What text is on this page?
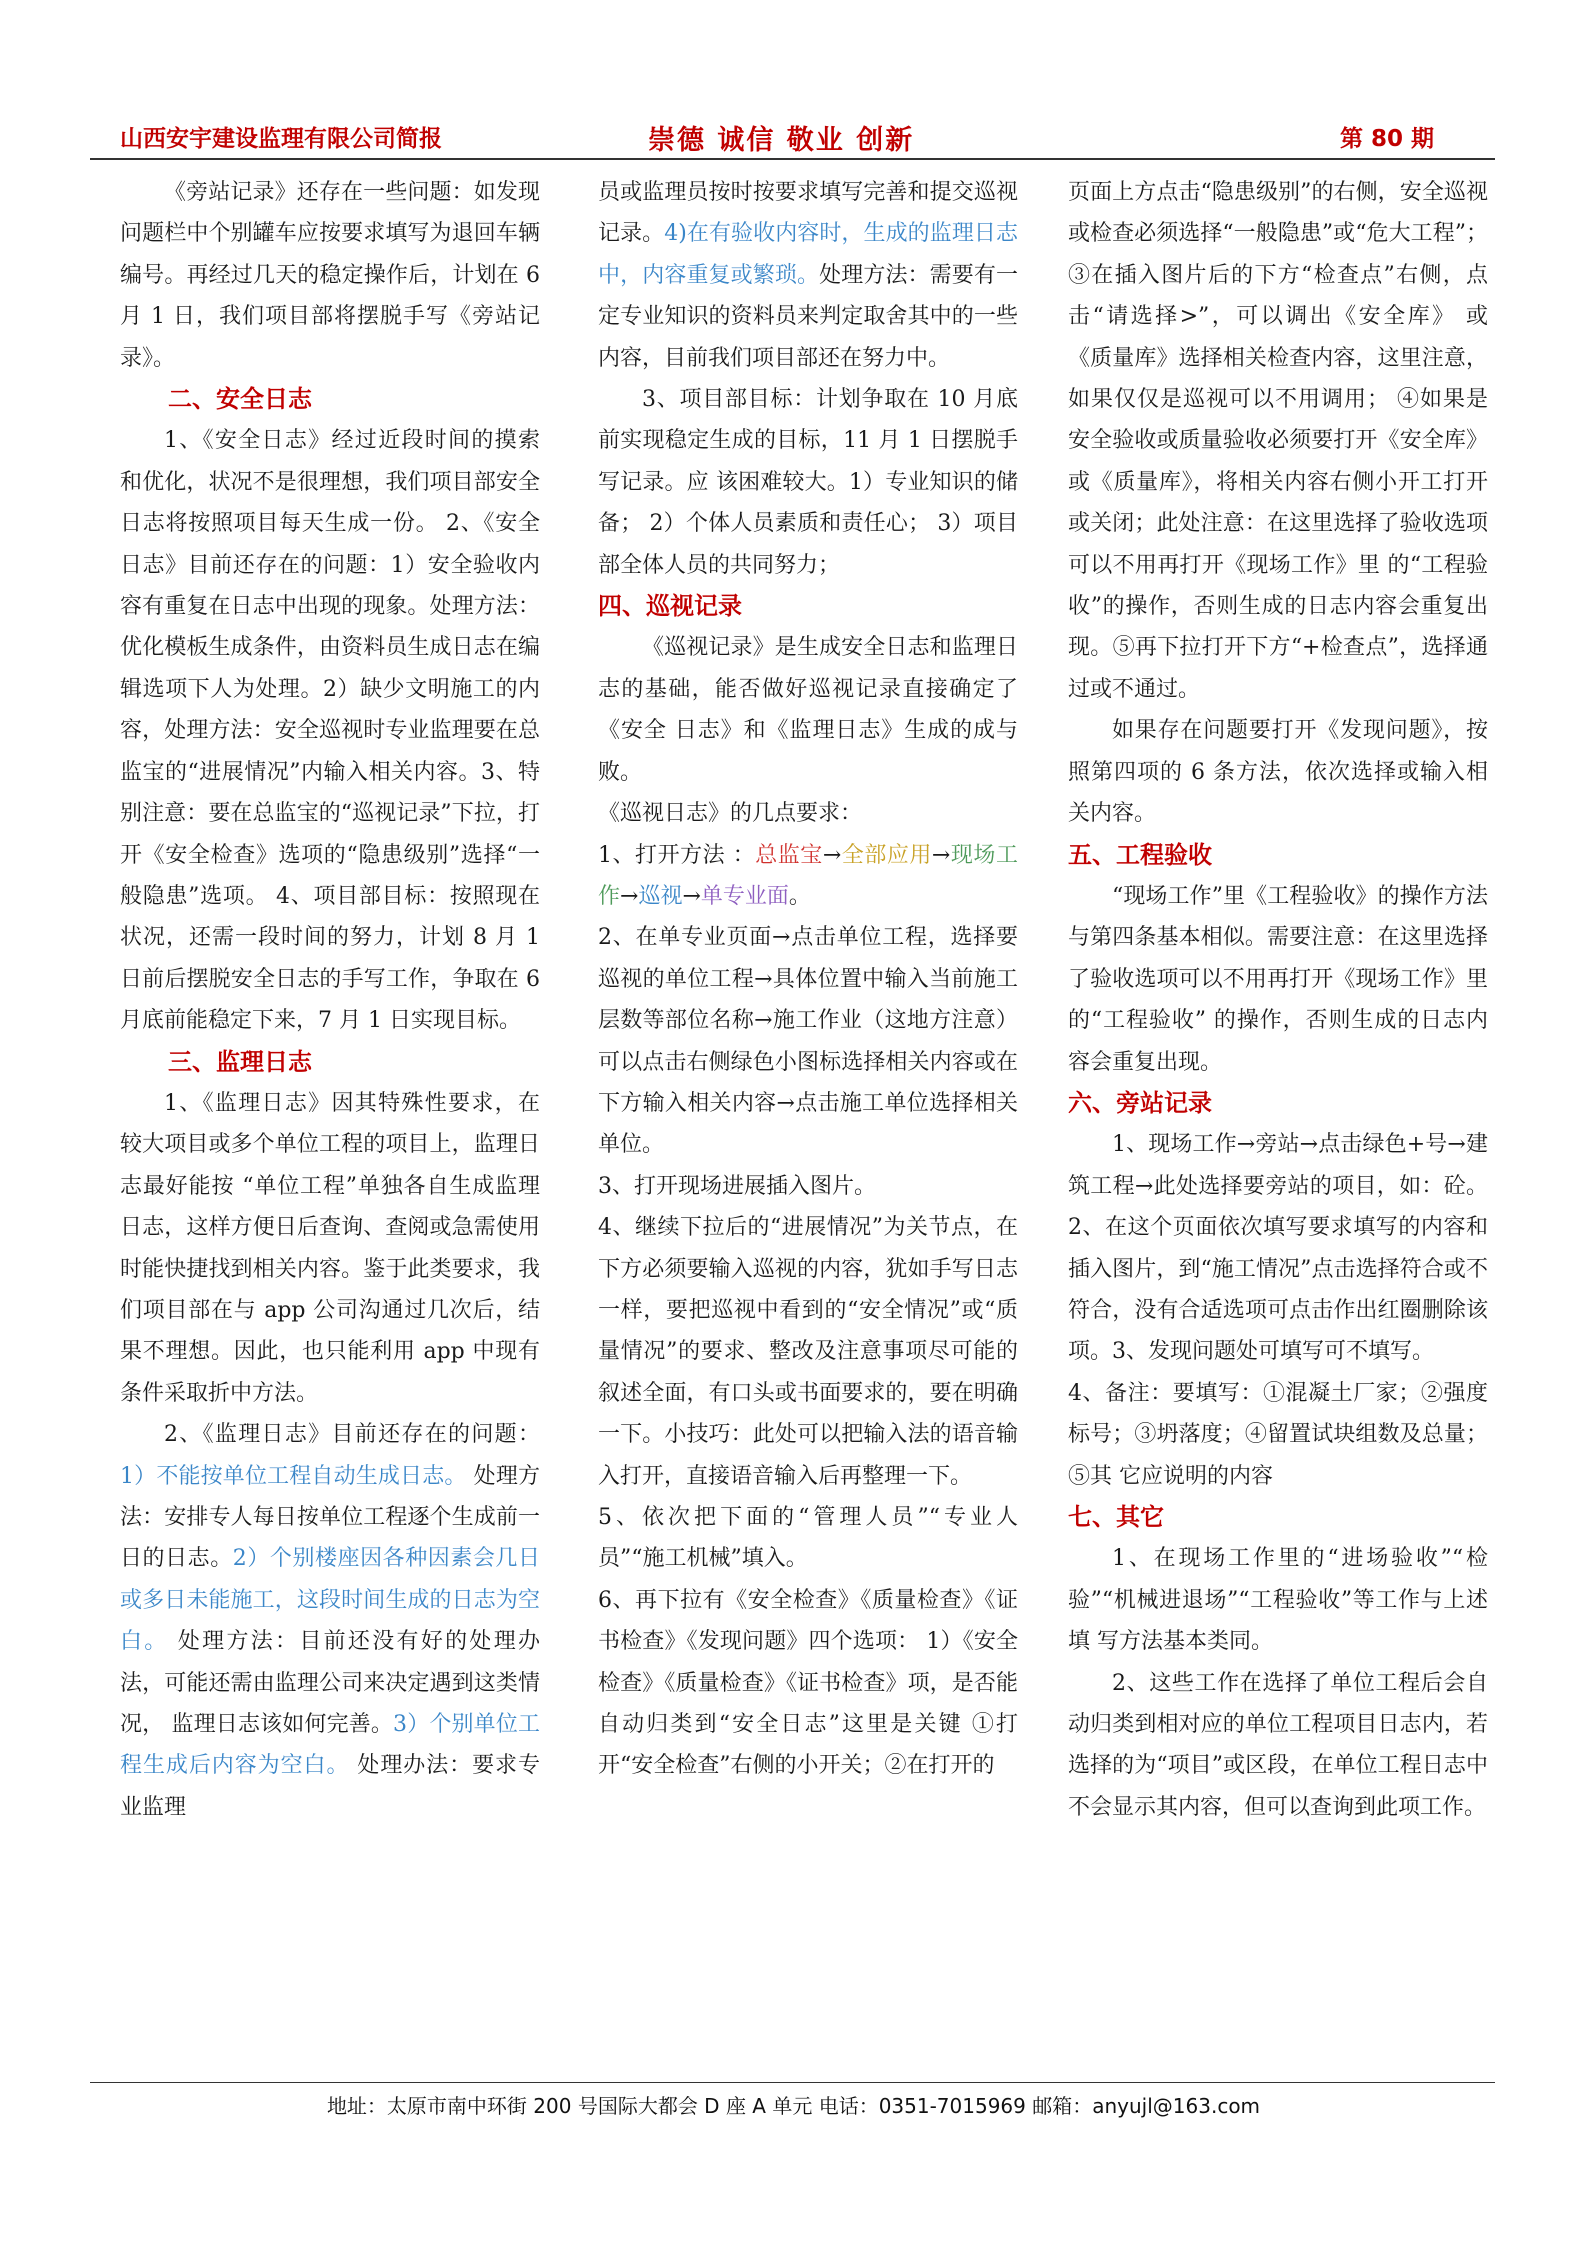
山西安宇建设监理有限公司简报	崇德 诚信 敬业 创新	第 80 期

《旁站记录》还存在一些问题：如发现问题栏中个别罐车应按要求填写为退回车辆编号。再经过几天的稳定操作后，计划在 6 月 1 日，我们项目部将摆脱手写《旁站记录》。

二、安全日志

1、《安全日志》经过近段时间的摸索和优化，状况不是很理想，我们项目部安全日志将按照项目每天生成一份。 2、《安全日志》目前还存在的问题：1）安全验收内容有重复在日志中出现的现象。处理方法：优化模板生成条件，由资料员生成日志在编辑选项下人为处理。2）缺少文明施工的内容，处理方法：安全巡视时专业监理要在总监宝的“进展情况”内输入相关内容。3、特别注意：要在总监宝的“巡视记录”下拉，打开《安全检查》选项的“隐患级别”选择“一般隐患”选项。 4、项目部目标：按照现在状况，还需一段时间的努力，计划 8 月 1 日前后摆脱安全日志的手写工作，争取在 6 月底前能稳定下来，7 月 1 日实现目标。

三、监理日志

1、《监理日志》因其特殊性要求，在较大项目或多个单位工程的项目上，监理日志最好能按 “单位工程”单独各自生成监理日志，这样方便日后查询、查阅或急需使用时能快捷找到相关内容。鉴于此类要求，我们项目部在与 app 公司沟通过几次后，结果不理想。因此，也只能利用 app 中现有条件采取折中方法。

2、《监理日志》目前还存在的问题：1）不能按单位工程自动生成日志。 处理方法：安排专人每日按单位工程逐个生成前一日的日志。2）个别楼座因各种因素会几日或多日未能施工，这段时间生成的日志为空白。 处理方法：目前还没有好的处理办法，可能还需由监理公司来决定遇到这类情况， 监理日志该如何完善。3）个别单位工程生成后内容为空白。 处理办法：要求专业监理

员或监理员按时按要求填写完善和提交巡视记录。4)在有验收内容时，生成的监理日志中，内容重复或繁琐。处理方法：需要有一定专业知识的资料员来判定取舍其中的一些内容，目前我们项目部还在努力中。

3、项目部目标：计划争取在 10 月底前实现稳定生成的目标，11 月 1 日摆脱手写记录。应 该困难较大。1）专业知识的储备； 2）个体人员素质和责任心； 3）项目部全体人员的共同努力；

四、巡视记录

《巡视记录》是生成安全日志和监理日志的基础，能否做好巡视记录直接确定了《安全 日志》和《监理日志》生成的成与败。

《巡视日志》的几点要求：

1、打开方法 ：总监宝→全部应用→现场工作→巡视→单专业面。

2、在单专业页面→点击单位工程，选择要巡视的单位工程→具体位置中输入当前施工层数等部位名称→施工作业（这地方注意）可以点击右侧绿色小图标选择相关内容或在下方输入相关内容→点击施工单位选择相关单位。

3、打开现场进展插入图片。

4、继续下拉后的“进展情况”为关节点，在下方必须要输入巡视的内容，犹如手写日志一样，要把巡视中看到的“安全情况”或“质量情况”的要求、整改及注意事项尽可能的叙述全面，有口头或书面要求的，要在明确一下。小技巧：此处可以把输入法的语音输入打开，直接语音输入后再整理一下。

5、依次把下面的“管理人员”“专业人员”“施工机械”填入。

6、再下拉有《安全检查》《质量检查》《证书检查》《发现问题》四个选项： 1）《安全检查》《质量检查》《证书检查》项，是否能自动归类到“安全日志”这里是关键 ①打开“安全检查”右侧的小开关；②在打开的

页面上方点击“隐患级别”的右侧，安全巡视或检查必须选择“一般隐患”或“危大工程”； ③在插入图片后的下方“检查点”右侧，点击“请选择>”，可以调出《安全库》 或《质量库》选择相关检查内容，这里注意，如果仅仅是巡视可以不用调用； ④如果是安全验收或质量验收必须要打开《安全库》或《质量库》，将相关内容右侧小开工打开或关闭；此处注意：在这里选择了验收选项可以不用再打开《现场工作》里 的“工程验收”的操作，否则生成的日志内容会重复出现。⑤再下拉打开下方“+检查点”，选择通过或不通过。

如果存在问题要打开《发现问题》，按照第四项的 6 条方法，依次选择或输入相关内容。

五、工程验收

“现场工作”里《工程验收》的操作方法与第四条基本相似。需要注意：在这里选择了验收选项可以不用再打开《现场工作》里的“工程验收” 的操作，否则生成的日志内容会重复出现。

六、旁站记录

1、现场工作→旁站→点击绿色+号→建筑工程→此处选择要旁站的项目，如：砼。2、在这个页面依次填写要求填写的内容和插入图片，到“施工情况”点击选择符合或不符合，没有合适选项可点击作出红圈删除该项。3、发现问题处可填写可不填写。

4、备注：要填写：①混凝土厂家；②强度标号；③坍落度；④留置试块组数及总量；⑤其 它应说明的内容

七、其它

1、在现场工作里的“进场验收”“检验”“机械进退场”“工程验收”等工作与上述填 写方法基本类同。

2、这些工作在选择了单位工程后会自动归类到相对应的单位工程项目日志内，若选择的为“项目”或区段，在单位工程日志中不会显示其内容，但可以查询到此项工作。

地址：太原市南中环街 200 号国际大都会 D 座 A 单元 电话：0351-7015969 邮箱：anyujl@163.com
